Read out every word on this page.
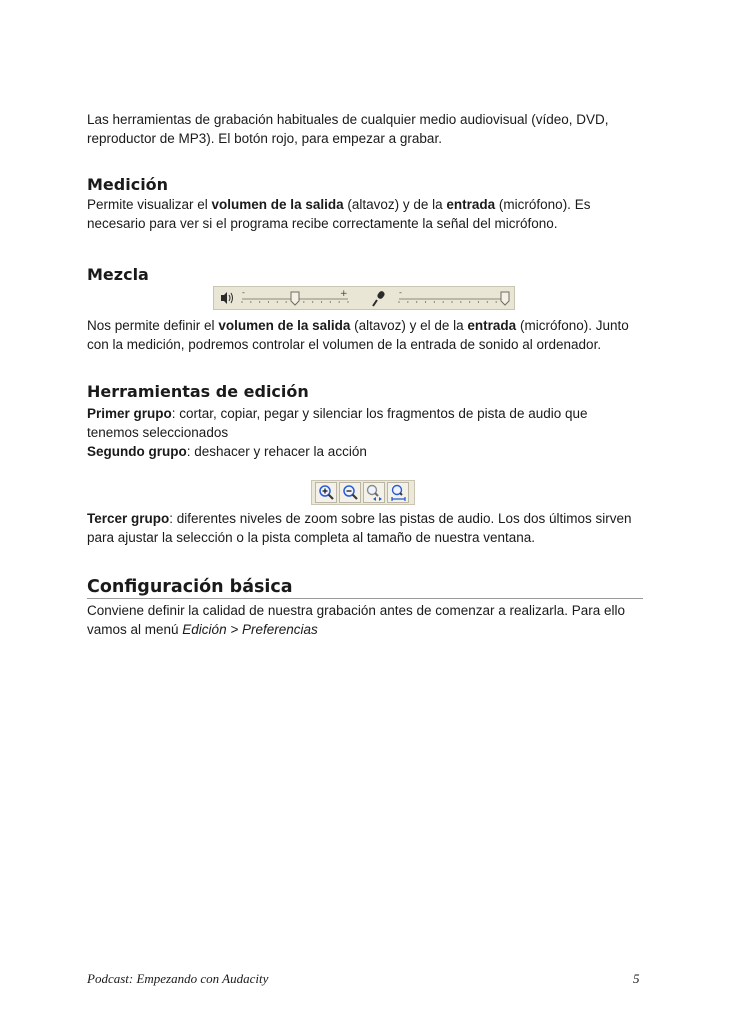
Las herramientas de grabación habituales de cualquier medio audiovisual (vídeo, DVD,
reproductor de MP3). El botón rojo, para empezar a grabar.

Medición

Permite visualizar el volumen de la salida (altavoz) y de la entrada (micrófono). Es
necesario para ver si el programa recibe correctamente la señal del micrófono.

Mezcla
-	+	-

Nos permite definir el volumen de la salida (altavoz) y el de la entrada (micrófono). Junto
con la medición, podremos controlar el volumen de la entrada de sonido al ordenador.

Herramientas de edición

Primer grupo: cortar, copiar, pegar y silenciar los fragmentos de pista de audio que
tenemos seleccionados
Segundo grupo: deshacer y rehacer la acción

Tercer grupo: diferentes niveles de zoom sobre las pistas de audio. Los dos últimos sirven
para ajustar la selección o la pista completa al tamaño de nuestra ventana.

Configuración básica

Conviene definir la calidad de nuestra grabación antes de comenzar a realizarla. Para ello
vamos al menú Edición > Preferencias

Podcast: Empezando con Audacity	5
